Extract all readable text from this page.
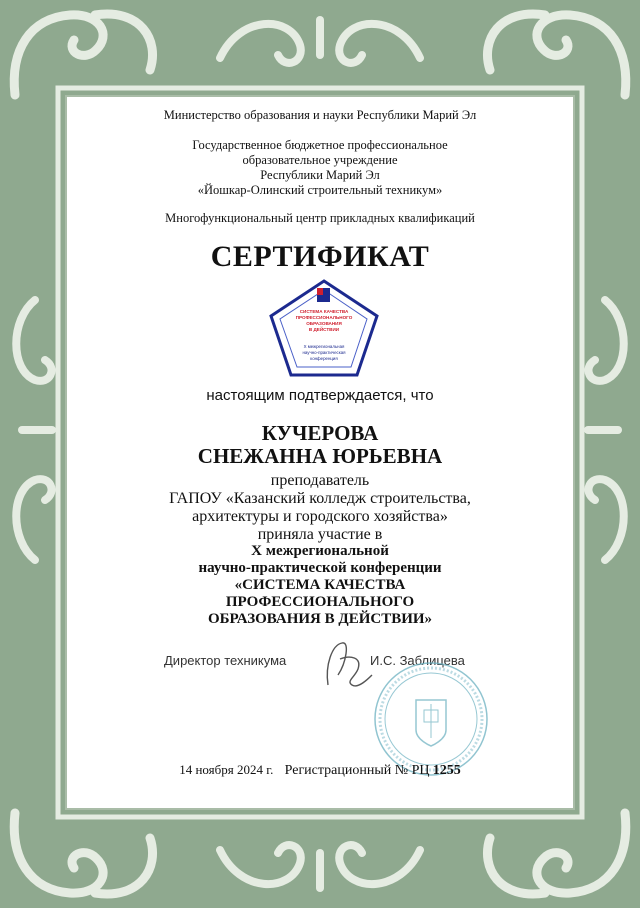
Министерство образования и науки Республики Марий Эл
Государственное бюджетное профессиональное
образовательное учреждение
Республики Марий Эл
«Йошкар-Олинский строительный техникум»
Многофункциональный центр прикладных квалификаций
СЕРТИФИКАТ
СИСТЕМА КАЧЕСТВА
ПРОФЕССИОНАЛЬНОГО
ОБРАЗОВАНИЯ
В ДЕЙСТВИИ
Х межрегиональная
научно-практическая
конференция
настоящим подтверждается, что
КУЧЕРОВА
СНЕЖАННА ЮРЬЕВНА
преподаватель
ГАПОУ «Казанский колледж строительства,
архитектуры и городского хозяйства»
приняла участие в
Х межрегиональной
научно-практической конференции
«СИСТЕМА КАЧЕСТВА
ПРОФЕССИОНАЛЬНОГО
ОБРАЗОВАНИЯ В ДЕЙСТВИИ»
Директор техникума	И.С. Заблицева
14 ноября 2024 г. Регистрационный № РЦ 1255
